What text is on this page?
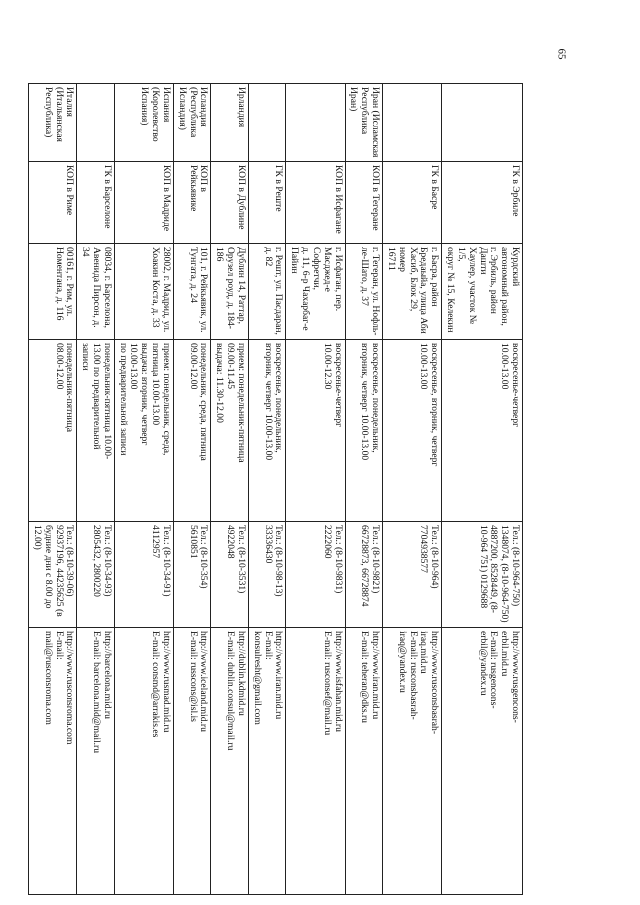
65

	ГК в Эрбиле	Курдский
автономный район,
г. Эрбиль, район Дашти
Хаулер, участок № 1/5,
округ № 15, Келекин	воскресенье-четверг
10.00-13.00	Тел.: (8-10-964-750)
1348074, (8-10-964-750)
4887200, 8528449, (8-
10-964 751) 0129688	http://www.rusgencons-
erbil.mid.ru
E-mail: rusgencons-
erbil@yandex.ru

	ГК в Басре	г. Басра, район
Бредаыйа, улица Аби
Хасиб, Блок 29, номер
16711	воскресенье, вторник, четверг
10.00-13.00	Тел.: (8-10-964)
7704938577	http://www.rusconsbasrah-
iraq.mid.ru
E-mail: rusconsbasrah-
iraq@yandex.ru

Иран (Исламская
Республика Иран)	КОП в Тегеране	г. Тегеран, ул. Нофль-
ле-Шато, д. 37	воскресенье, понедельник,
вторник, четверг 10.00-13.00	Тел.: (8-10-9821)
66728873, 66728874	http://www.iran.mid.ru
E-mail: teheran@dks.ru

	КОП в Исфагане	г. Исфаган, пер.
Масджед-е Софретчи,
д. 11, 6-р Чахарбаг-е
Пайин	воскресенье-четверг
10.00-12.30	Тел.: (8-10-9831)
2222060	http://www.isfahan.mid.ru
E-mail: rusconsef@mail.ru

	ГК в Реште	г. Решт, ул. Пасдаран,
д. 82	воскресенье, понедельник,
вторник, четверг 10.00-13.00	Тел.: (8-10-98-13)
33336430	http://www.iran.mid.ru
E-mail:
konsulresht@gmail.com

Ирландия	КОП в Дублине	Дублин 14, Раттар,
Орузел роуд, д. 184-186	прием: понедельник-пятница
09.00-11.45
выдача: 11.30-12.00	Тел.: (8-10-3531)
4922048	http://dublin.kdmid.ru
E-mail: dublin.consul@mail.ru

Исландия
(Республика
Исландия)	КОП в Рейкьявике	101, г. Рейкьявик, ул.
Тунгата, д. 24	понедельник, среда, пятница
09.00-12.00	Тел.: (8-10-354)
5610851	http://www.iceland.mid.ru
E-mail: russcons@isl.is

Испания
(Королевство
Испания)	КОП в Мадриде	28002, г. Мадрид, ул.
Хоакин Коста, д. 33	прием: понедельник, среда,
пятница 10.00-13.00
выдача: вторник, четверг
10.00-13.00
по предварительной записи	Тел.: (8-10-34-91)
4112957	http://www.rusmad.mid.ru
E-mail: consmd@arrakis.es

	ГК в Барселоне	08034, г. Барселона,
Авенида Пирсон, д. 34	понедельник-пятница 10.00-
13.00 по предварительной
записи	Тел.: (8-10-34-93)
2805432, 2800220	http://barcelona.mid.ru
E-mail: barcelona.mid@mail.ru

Италия
(Итальянская
Республика)	КОП в Риме	00161, г. Рим, ул.
Номентана, д. 116	понедельник-пятница
08.00-12.00	Тел.: (8-10-39-06)
92937196, 44235625 (в
будние дни с 8.00 до
12.00)	http://www.rusconsroma.com
E-mail:
mail@rusconsroma.com
